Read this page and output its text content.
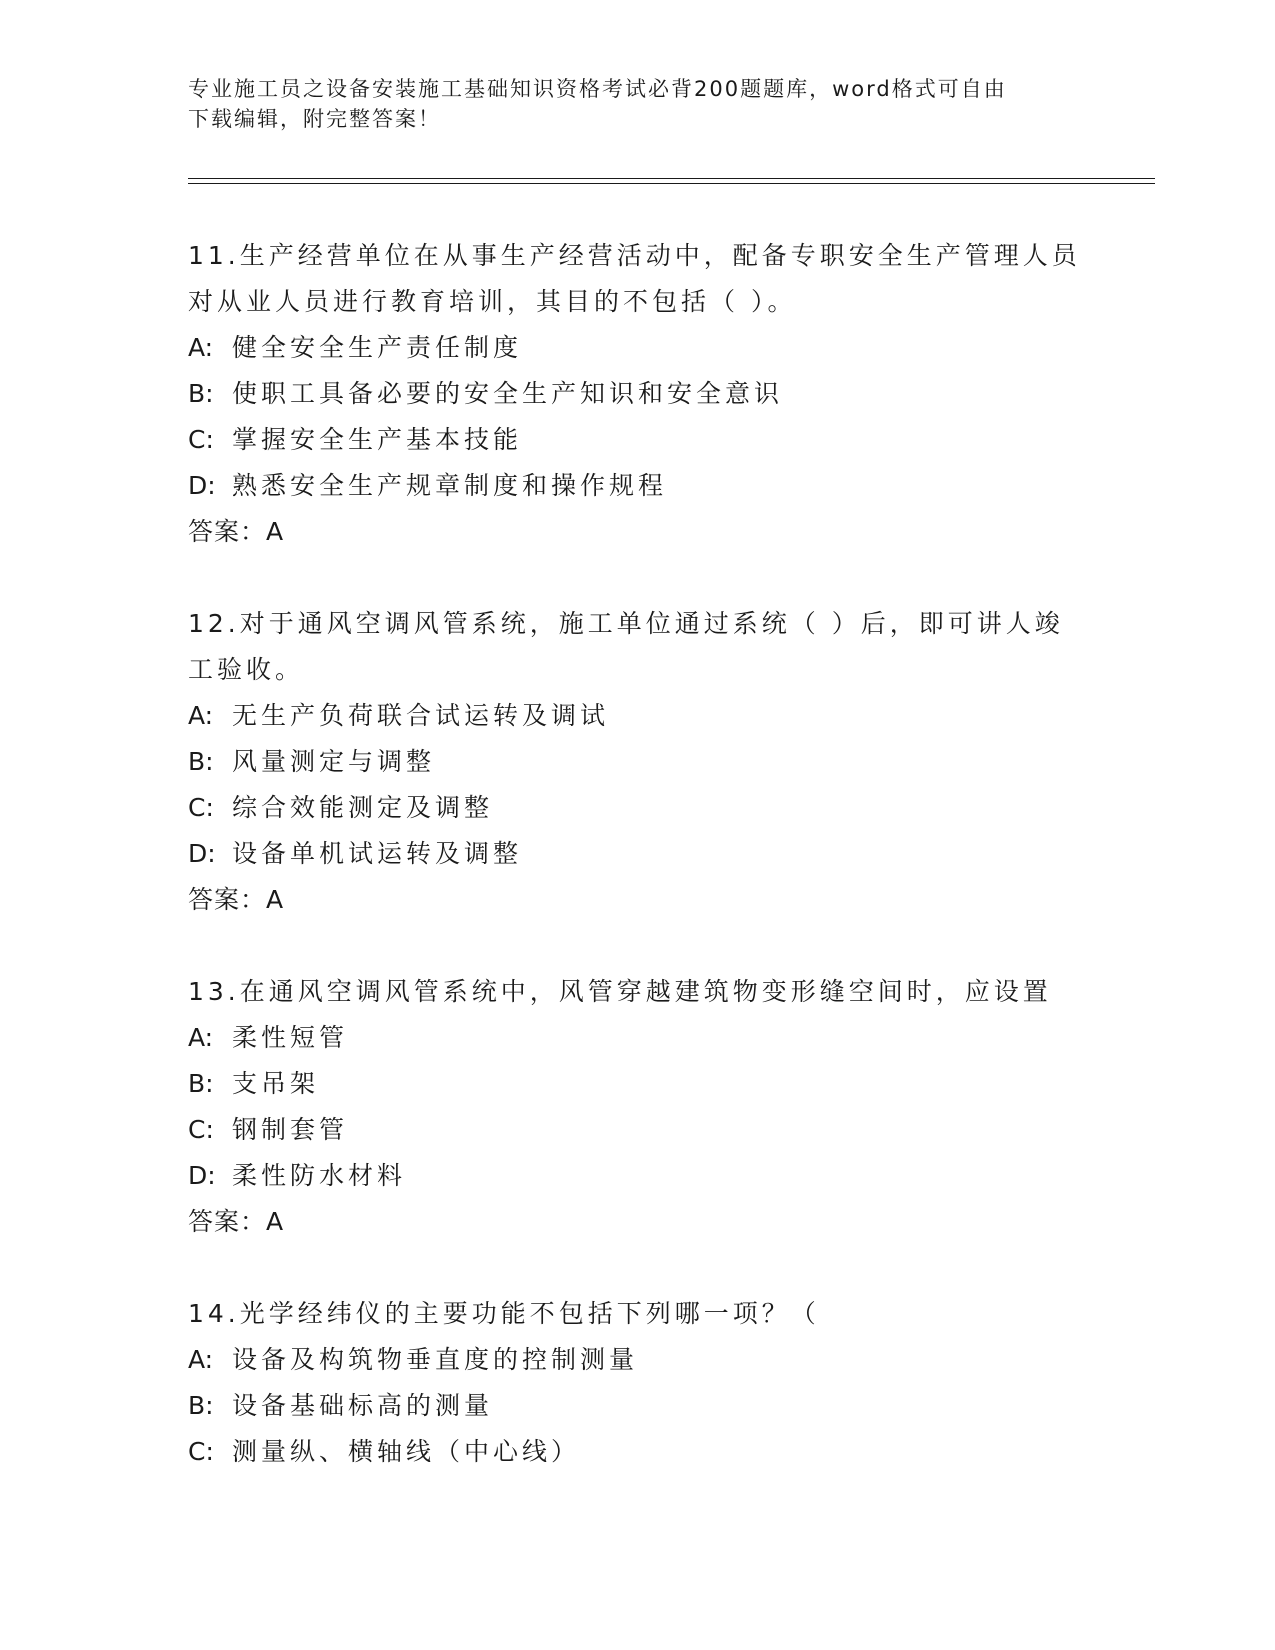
专业施工员之设备安装施工基础知识资格考试必背200题题库，word格式可自由
下载编辑，附完整答案！
11.生产经营单位在从事生产经营活动中，配备专职安全生产管理人员
对从业人员进行教育培训，其目的不包括（ ）。
A: 健全安全生产责任制度
B: 使职工具备必要的安全生产知识和安全意识
C: 掌握安全生产基本技能
D: 熟悉安全生产规章制度和操作规程
答案：A
12.对于通风空调风管系统，施工单位通过系统（ ）后，即可讲人竣
工验收。
A: 无生产负荷联合试运转及调试
B: 风量测定与调整
C: 综合效能测定及调整
D: 设备单机试运转及调整
答案：A
13.在通风空调风管系统中，风管穿越建筑物变形缝空间时，应设置
A: 柔性短管
B: 支吊架
C: 钢制套管
D: 柔性防水材料
答案：A
14.光学经纬仪的主要功能不包括下列哪一项？（
A: 设备及构筑物垂直度的控制测量
B: 设备基础标高的测量
C: 测量纵、横轴线（中心线）
